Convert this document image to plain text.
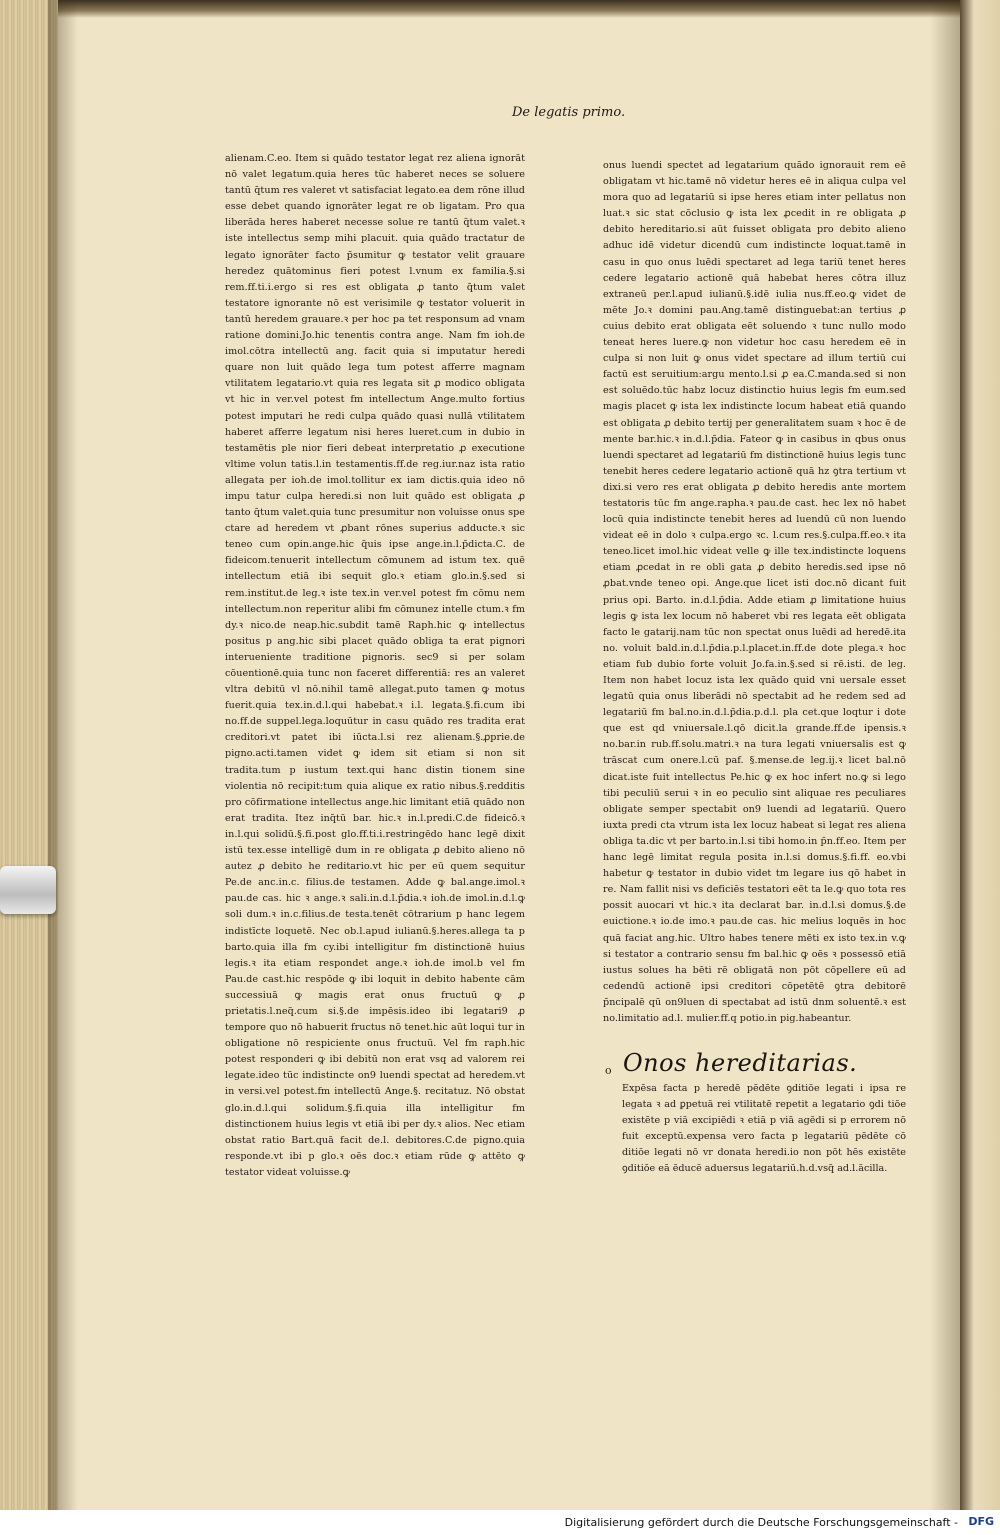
De legatis primo.

alienam.C.eo. Item si quādo testator legat rez aliena ignorāt nō valet legatum.quia heres tūc haberet neces se soluere tantū q̄tum res valeret vt satisfaciat legato.ea dem rōne illud esse debet quando ignorāter legat re ob ligatam. Pro qua liberāda heres haberet necesse solue re tantū q̄tum valet.ꝛ iste intellectus semp mihi placuit. quia quādo tractatur de legato ignorāter facto p̄sumitur ꝙ testator velit grauare heredez quātominus fieri potest l.vnum ex familia.§.si rem.ff.ti.i.ergo si res est obligata ꝓ tanto q̄tum valet testatore ignorante nō est verisimile ꝙ testator voluerit in tantū heredem grauare.ꝛ per hoc pa tet responsum ad vnam ratione domini.Jo.hic tenentis contra ange. Nam fm ioh.de imol.cōtra intellectū ang. facit quia si imputatur heredi quare non luit quādo lega tum potest afferre magnam vtilitatem legatario.vt quia res legata sit ꝓ modico obligata vt hic in ver.vel potest fm intellectum Ange.multo fortius potest imputari he redi culpa quādo quasi nullā vtilitatem haberet afferre legatum nisi heres lueret.cum in dubio in testamētis ple nior fieri debeat interpretatio ꝓ executione vltime volun tatis.l.in testamentis.ff.de reg.iur.naz ista ratio allegata per ioh.de imol.tollitur ex iam dictis.quia ideo nō impu tatur culpa heredi.si non luit quādo est obligata ꝓ tanto q̄tum valet.quia tunc presumitur non voluisse onus spe ctare ad heredem vt ꝓbant rōnes superius adducte.ꝛ sic teneo cum opin.ange.hic q̄uis ipse ange.in.l.p̄dicta.C. de fideicom.tenuerit intellectum cōmunem ad istum tex. quē intellectum etiā ibi sequit glo.ꝛ etiam glo.in.§.sed si rem.institut.de leg.ꝛ iste tex.in ver.vel potest fm cōmu nem intellectum.non reperitur alibi fm cōmunez intelle ctum.ꝛ fm dy.ꝛ nico.de neap.hic.subdit tamē Raph.hic ꝙ intellectus positus p ang.hic sibi placet quādo obliga ta erat pignori interueniente traditione pignoris. sec9 si per solam cōuentionē.quia tunc non faceret differentiā: res an valeret vltra debitū vl nō.nihil tamē allegat.puto tamen ꝙ motus fuerit.quia tex.in.d.l.qui habebat.ꝛ i.l. legata.§.fi.cum ibi no.ff.de suppel.lega.loquūtur in casu quādo res tradita erat creditori.vt patet ibi iūcta.l.si rez alienam.§.ꝓprie.de pigno.acti.tamen videt ꝙ idem sit etiam si non sit tradita.tum p iustum text.qui hanc distin tionem sine violentia nō recipit:tum quia alique ex ratio nibus.§.redditis pro cōfirmatione intellectus ange.hic limitant etiā quādo non erat tradita. Itez inq̄tū bar. hic.ꝛ in.l.predi.C.de fideicō.ꝛ in.l.qui solidū.§.fi.post glo.ff.ti.i.restringēdo hanc legē dixit istū tex.esse intelligē dum in re obligata ꝓ debito alieno nō autez ꝓ debito he reditario.vt hic per eū quem sequitur Pe.de anc.in.c. filius.de testamen. Adde ꝙ bal.ange.imol.ꝛ pau.de cas. hic ꝛ ange.ꝛ sali.in.d.l.p̄dia.ꝛ ioh.de imol.in.d.l.ꝙ soli dum.ꝛ in.c.filius.de testa.tenēt cōtrarium p hanc legem indistīcte loquetē. Nec ob.l.apud iulianū.§.heres.allega ta p barto.quia illa fm cy.ibi intelligitur fm distinctionē huius legis.ꝛ ita etiam respondet ange.ꝛ ioh.de imol.b vel fm Pau.de cast.hic respōde ꝙ ibi loquit in debito habente cām successiuā ꝙ magis erat onus fructuū ꝙ ꝓ prietatis.l.neq̃.cum si.§.de impēsis.ideo ibi legatari9 ꝓ tempore quo nō habuerit fructus nō tenet.hic aūt loqui tur in obligatione nō respiciente onus fructuū. Vel fm raph.hic potest responderi ꝙ ibi debitū non erat vsq ad valorem rei legate.ideo tūc indistincte on9 luendi spectat ad heredem.vt in versi.vel potest.fm intellectū Ange.§. recitatuz. Nō obstat glo.in.d.l.qui solidum.§.fi.quia illa intelligitur fm distinctionem huius legis vt etiā ibi per dy.ꝛ alios. Nec etiam obstat ratio Bart.quā facit de.l. debitores.C.de pigno.quia responde.vt ibi p glo.ꝛ oēs doc.ꝛ etiam rūde ꝙ attēto ꝙ testator videat voluisse.ꝙ

onus luendi spectet ad legatarium quādo ignorauit rem eē obligatam vt hic.tamē nō videtur heres eē in aliqua culpa vel mora quo ad legatariū si ipse heres etiam inter pellatus non luat.ꝛ sic stat cōclusio ꝙ ista lex ꝓcedit in re obligata ꝓ debito hereditario.si aūt fuisset obligata pro debito alieno adhuc idē videtur dicendū cum indistincte loquat.tamē in casu in quo onus luēdi spectaret ad lega tariū tenet heres cedere legatario actionē quā habebat heres cōtra illuz extraneū per.l.apud iulianū.§.idē iulia nus.ff.eo.ꝙ videt de mēte Jo.ꝛ domini pau.Ang.tamē distinguebat:an tertius ꝓ cuius debito erat obligata eēt soluendo ꝛ tunc nullo modo teneat heres luere.ꝙ non videtur hoc casu heredem eē in culpa si non luit ꝙ onus videt spectare ad illum tertiū cui factū est seruitium:argu mento.l.si ꝓ ea.C.manda.sed si non est soluēdo.tūc habz locuz distinctio huius legis fm eum.sed magis placet ꝙ ista lex indistincte locum habeat etiā quando est obligata ꝓ debito tertij per generalitatem suam ꝛ hoc ē de mente bar.hic.ꝛ in.d.l.p̄dia. Fateor ꝙ in casibus in qbus onus luendi spectaret ad legatariū fm distinctionē huius legis tunc tenebit heres cedere legatario actionē quā hz ꝯtra tertium vt dixi.si vero res erat obligata ꝓ debito heredis ante mortem testatoris tūc fm ange.rapha.ꝛ pau.de cast. hec lex nō habet locū quia indistincte tenebit heres ad luendū cū non luendo videat eē in dolo ꝛ culpa.ergo ꝛc. l.cum res.§.culpa.ff.eo.ꝛ ita teneo.licet imol.hic videat velle ꝙ ille tex.indistincte loquens etiam ꝓcedat in re obli gata ꝓ debito heredis.sed ipse nō ꝓbat.vnde teneo opi. Ange.que licet isti doc.nō dicant fuit prius opi. Barto. in.d.l.p̄dia. Adde etiam ꝓ limitatione huius legis ꝙ ista lex locum nō haberet vbi res legata eēt obligata facto le gatarij.nam tūc non spectat onus luēdi ad heredē.ita no. voluit bald.in.d.l.p̄dia.p.l.placet.in.ff.de dote plega.ꝛ hoc etiam fub dubio forte voluit Jo.fa.in.§.sed si rē.isti. de leg. Item non habet locuz ista lex quādo quid vni uersale esset legatū quia onus liberādi nō spectabit ad he redem sed ad legatariū fm bal.no.in.d.l.p̄dia.p.d.l. pla cet.que loqtur i dote que est qd vniuersale.l.qō dicit.la grande.ff.de ipensis.ꝛ no.bar.in rub.ff.solu.matri.ꝛ na tura legati vniuersalis est ꝙ trāscat cum onere.l.cū paf. §.mense.de leg.ij.ꝛ licet bal.nō dicat.iste fuit intellectus Pe.hic ꝙ ex hoc infert no.ꝙ si lego tibi peculiū serui ꝛ in eo peculio sint aliquae res peculiares obligate semper spectabit on9 luendi ad legatariū. Quero iuxta predi cta vtrum ista lex locuz habeat si legat res aliena obliga ta.dic vt per barto.in.l.si tibi homo.in p̄n.ff.eo. Item per hanc legē limitat regula posita in.l.si domus.§.fi.ff. eo.vbi habetur ꝙ testator in dubio videt tm legare ius qō habet in re. Nam fallit nisi vs deficiēs testatori eēt ta le.ꝙ quo tota res possit auocari vt hic.ꝛ ita declarat bar. in.d.l.si domus.§.de euictione.ꝛ io.de imo.ꝛ pau.de cas. hic melius loquēs in hoc quā faciat ang.hic. Ultro habes tenere mēti ex isto tex.in v.ꝙ si testator a contrario sensu fm bal.hic ꝙ oēs ꝛ possessō etiā iustus solues ha bēti rē obligatā non pōt cōpellere eū ad cedendū actionē ipsi creditori cōpetētē ꝯtra debitorē p̄ncipalē qū on9luen di spectabat ad istū dnm soluentē.ꝛ est no.limitatio ad.l. mulier.ff.q potio.in pig.habeantur.

o Onos hereditarias.
Expēsa facta p heredē pēdēte ꝯditiōe legati i ipsa re legata ꝛ ad ꝑpetuā rei vtilitatē repetit a legatario ꝯdi tiōe existēte p viā excipiēdi ꝛ etiā p viā agēdi si p errorem nō fuit exceptū.expensa vero facta p legatariū pēdēte cō ditiōe legati nō vr donata heredi.io non pōt hēs existēte ꝯditiōe eā ēducē aduersus legatariū.h.d.vsq̃ ad.l.ācilla.
Digitalisierung gefördert durch die Deutsche Forschungsgemeinschaft - DFG
